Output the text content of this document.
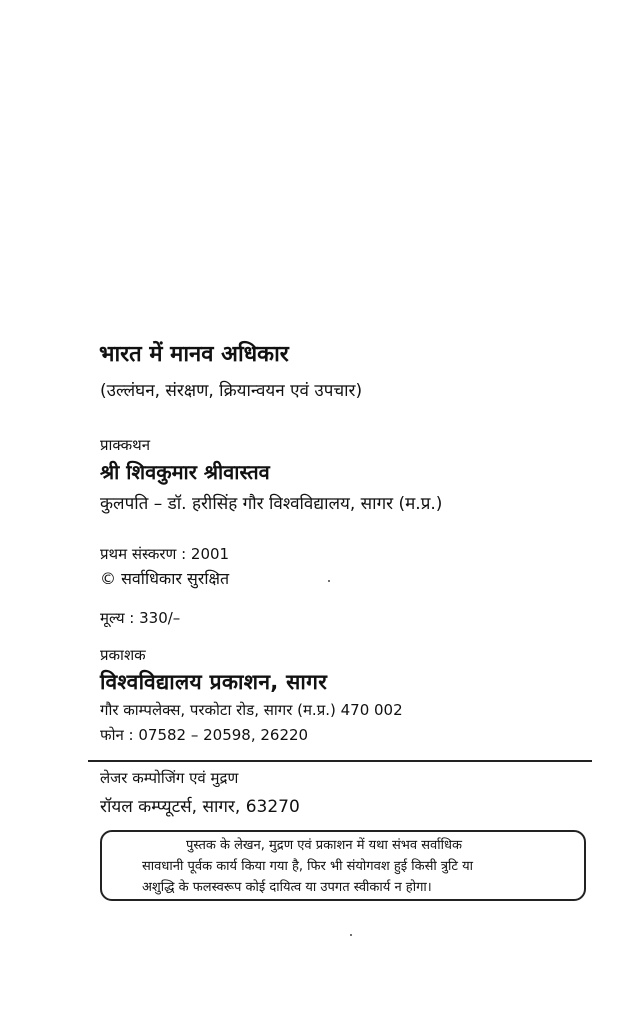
भारत में मानव अधिकार
(उल्लंघन, संरक्षण, क्रियान्वयन एवं उपचार)
प्राक्कथन
श्री शिवकुमार श्रीवास्तव
कुलपति – डॉ. हरीसिंह गौर विश्वविद्यालय, सागर (म.प्र.)
प्रथम संस्करण : 2001
© सर्वाधिकार सुरक्षित
मूल्य : 330/–
प्रकाशक
विश्वविद्यालय प्रकाशन, सागर
गौर काम्पलेक्स, परकोटा रोड, सागर (म.प्र.) 470 002
फोन : 07582 – 20598, 26220
लेजर कम्पोजिंग एवं मुद्रण
रॉयल कम्प्यूटर्स, सागर, 63270
पुस्तक के लेखन, मुद्रण एवं प्रकाशन में यथा संभव सर्वाधिक
सावधानी पूर्वक कार्य किया गया है, फिर भी संयोगवश हुई किसी त्रुटि या
अशुद्धि के फलस्वरूप कोई दायित्व या उपगत स्वीकार्य न होगा।
